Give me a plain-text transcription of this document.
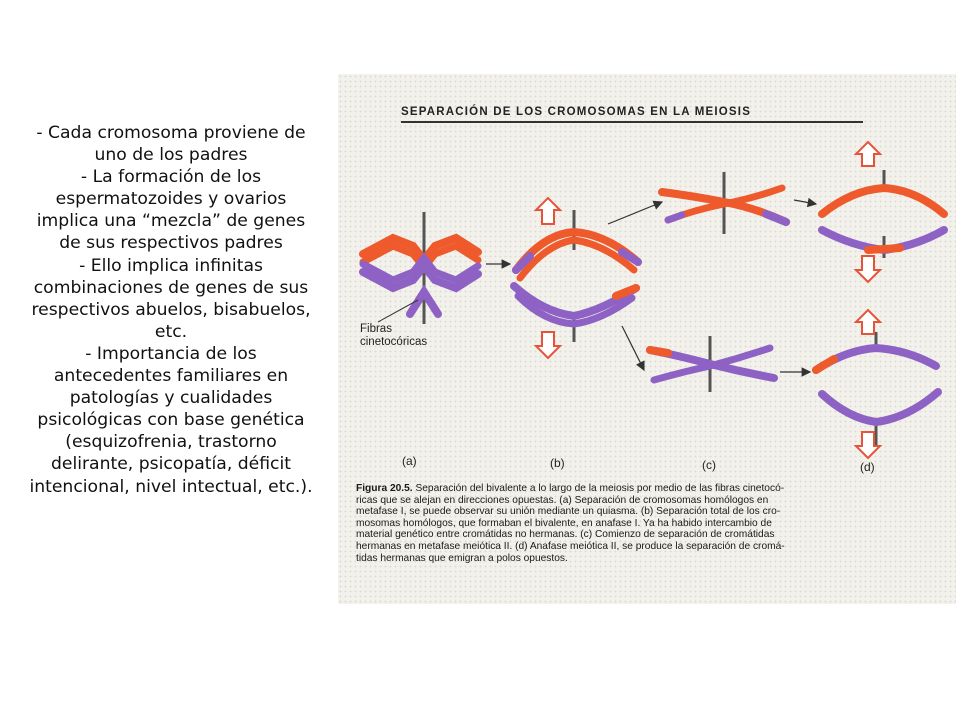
- Cada cromosoma proviene de

uno de los padres

- La formación de los

espermatozoides y ovarios

implica una “mezcla” de genes

de sus respectivos padres

- Ello implica infinitas

combinaciones de genes de sus

respectivos abuelos, bisabuelos,

etc.

- Importancia de los

antecedentes familiares en

patologías y cualidades

psicológicas con base genética

(esquizofrenia, trastorno

delirante, psicopatía, déficit

intencional, nivel intectual, etc.).

SEPARACIÓN DE LOS CROMOSOMAS EN LA MEIOSIS
Fibras
cinetocóricas
(a)	(b)	(c)	(d)
Figura 20.5. Separación del bivalente a lo largo de la meiosis por medio de las fibras cinetocó-
ricas que se alejan en direcciones opuestas. (a) Separación de cromosomas homólogos en
metafase I, se puede observar su unión mediante un quiasma. (b) Separación total de los cro-
mosomas homólogos, que formaban el bivalente, en anafase I. Ya ha habido intercambio de
material genético entre cromátidas no hermanas. (c) Comienzo de separación de cromátidas
hermanas en metafase meiótica II. (d) Anafase meiótica II, se produce la separación de cromá-
tidas hermanas que emigran a polos opuestos.
